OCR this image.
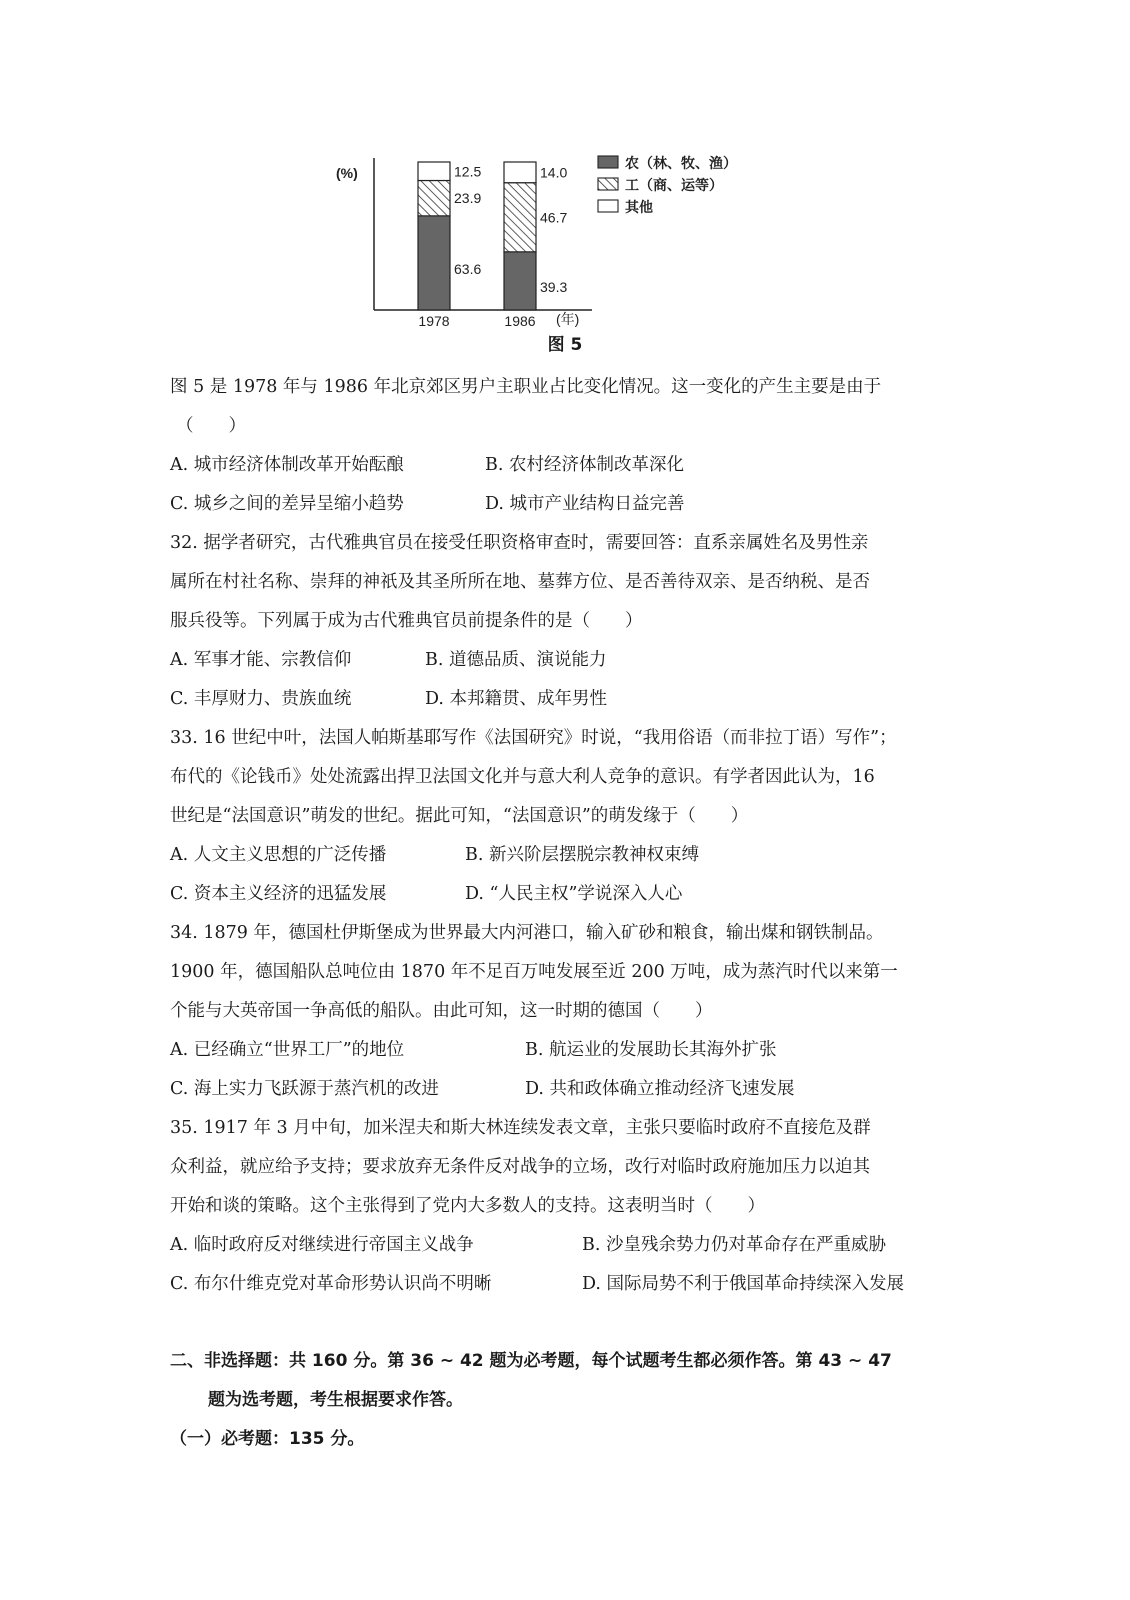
(%)
(年)
63.6
23.9
12.5
1978
39.3
46.7
14.0
1986
农（林、牧、渔）
工（商、运等）
其他
图 5
图 5 是 1978 年与 1986 年北京郊区男户主职业占比变化情况。这一变化的产生主要是由于
（　　）
A. 城市经济体制改革开始酝酿	B. 农村经济体制改革深化
C. 城乡之间的差异呈缩小趋势	D. 城市产业结构日益完善
32. 据学者研究，古代雅典官员在接受任职资格审查时，需要回答：直系亲属姓名及男性亲
属所在村社名称、崇拜的神祇及其圣所所在地、墓葬方位、是否善待双亲、是否纳税、是否
服兵役等。下列属于成为古代雅典官员前提条件的是（　　）
A. 军事才能、宗教信仰	B. 道德品质、演说能力
C. 丰厚财力、贵族血统	D. 本邦籍贯、成年男性
33. 16 世纪中叶，法国人帕斯基耶写作《法国研究》时说，“我用俗语（而非拉丁语）写作”；
布代的《论钱币》处处流露出捍卫法国文化并与意大利人竞争的意识。有学者因此认为，16
世纪是“法国意识”萌发的世纪。据此可知，“法国意识”的萌发缘于（　　）
A. 人文主义思想的广泛传播	B. 新兴阶层摆脱宗教神权束缚
C. 资本主义经济的迅猛发展	D. “人民主权”学说深入人心
34. 1879 年，德国杜伊斯堡成为世界最大内河港口，输入矿砂和粮食，输出煤和钢铁制品。
1900 年，德国船队总吨位由 1870 年不足百万吨发展至近 200 万吨，成为蒸汽时代以来第一
个能与大英帝国一争高低的船队。由此可知，这一时期的德国（　　）
A. 已经确立“世界工厂”的地位	B. 航运业的发展助长其海外扩张
C. 海上实力飞跃源于蒸汽机的改进	D. 共和政体确立推动经济飞速发展
35. 1917 年 3 月中旬，加米涅夫和斯大林连续发表文章，主张只要临时政府不直接危及群
众利益，就应给予支持；要求放弃无条件反对战争的立场，改行对临时政府施加压力以迫其
开始和谈的策略。这个主张得到了党内大多数人的支持。这表明当时（　　）
A. 临时政府反对继续进行帝国主义战争	B. 沙皇残余势力仍对革命存在严重威胁
C. 布尔什维克党对革命形势认识尚不明晰	D. 国际局势不利于俄国革命持续深入发展
二、非选择题：共 160 分。第 36 ~ 42 题为必考题，每个试题考生都必须作答。第 43 ~ 47
题为选考题，考生根据要求作答。
（一）必考题：135 分。
